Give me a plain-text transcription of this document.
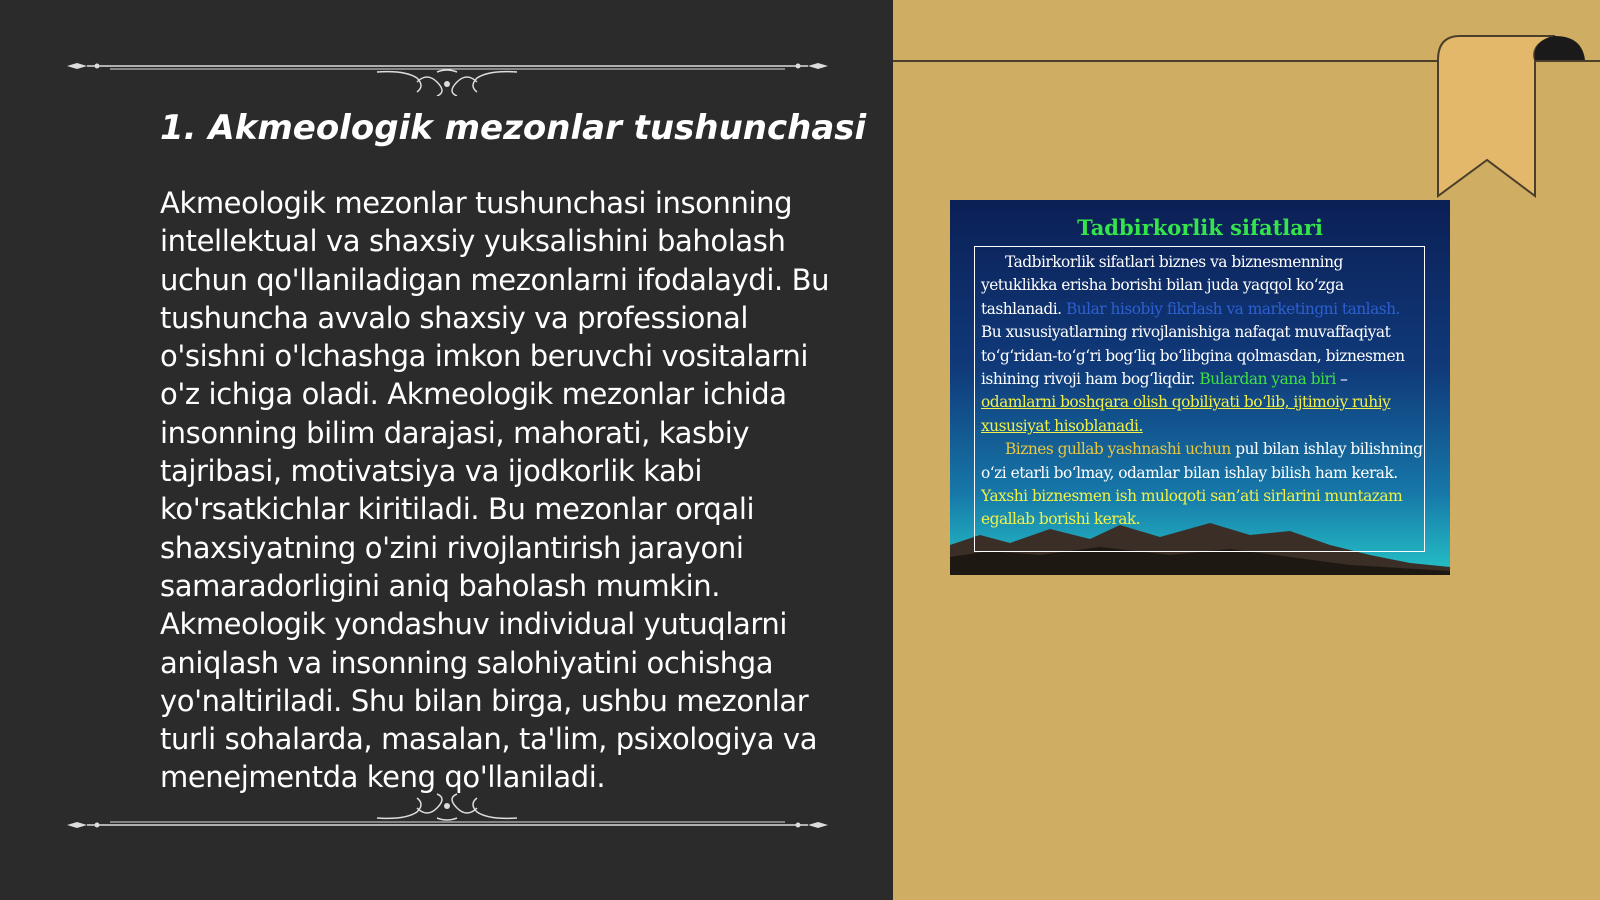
1. Akmeologik mezonlar tushunchasi

Akmeologik mezonlar tushunchasi insonning intellektual va shaxsiy yuksalishini baholash uchun qo'llaniladigan mezonlarni ifodalaydi. Bu tushuncha avvalo shaxsiy va professional o'sishni o'lchashga imkon beruvchi vositalarni o'z ichiga oladi. Akmeologik mezonlar ichida insonning bilim darajasi, mahorati, kasbiy tajribasi, motivatsiya va ijodkorlik kabi ko'rsatkichlar kiritiladi. Bu mezonlar orqali shaxsiyatning o'zini rivojlantirish jarayoni samaradorligini aniq baholash mumkin. Akmeologik yondashuv individual yutuqlarni aniqlash va insonning salohiyatini ochishga yo'naltiriladi. Shu bilan birga, ushbu mezonlar turli sohalarda, masalan, ta'lim, psixologiya va menejmentda keng qo'llaniladi.

Tadbirkorlik sifatlari

Tadbirkorlik sifatlari biznes va biznesmenning yetuklikka erisha borishi bilan juda yaqqol ko‘zga tashlanadi. Bular hisobiy fikrlash va marketingni tanlash. Bu xususiyatlarning rivojlanishiga nafaqat muvaffaqiyat to‘g‘ridan-to‘g‘ri bog‘liq bo‘libgina qolmasdan, biznesmen ishining rivoji ham bog‘liqdir. Bulardan yana biri – odamlarni boshqara olish qobiliyati bo‘lib, ijtimoiy ruhiy xususiyat hisoblanadi.
Biznes gullab yashnashi uchun pul bilan ishlay bilishning o‘zi etarli bo‘lmay, odamlar bilan ishlay bilish ham kerak. Yaxshi biznesmen ish muloqoti san’ati sirlarini muntazam egallab borishi kerak.
